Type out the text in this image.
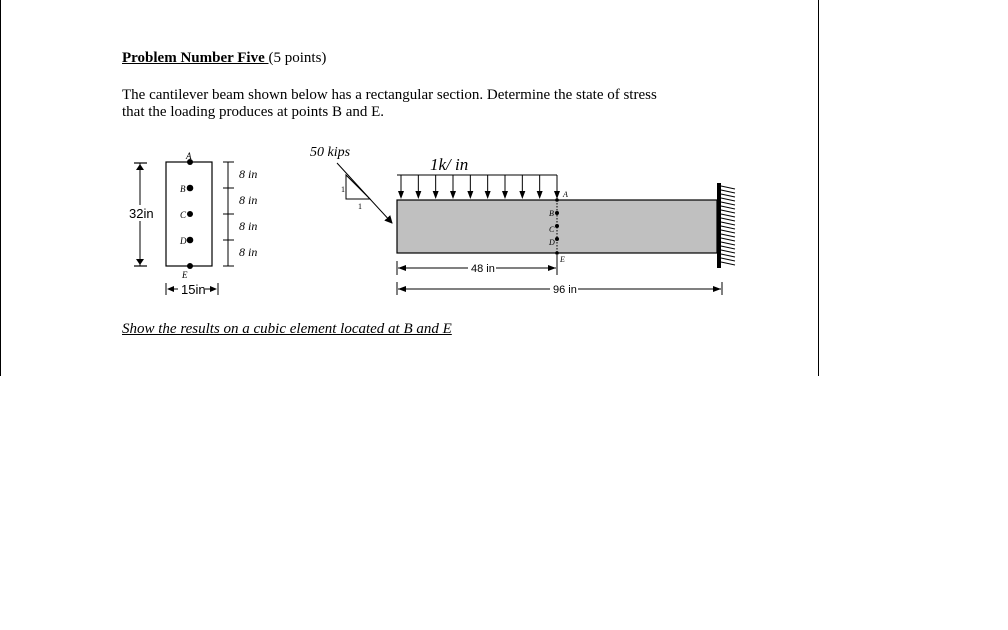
Problem Number Five (5 points)
The cantilever beam shown below has a rectangular section. Determine the state of stress
that the loading produces at points B and E.
32in
A
B
C
D
E
8 in
8 in
8 in
8 in
15in
50 kips
1
1
1k/ in
A
B
C
D
E
48 in
96 in
Show the results on a cubic element located at B and E
